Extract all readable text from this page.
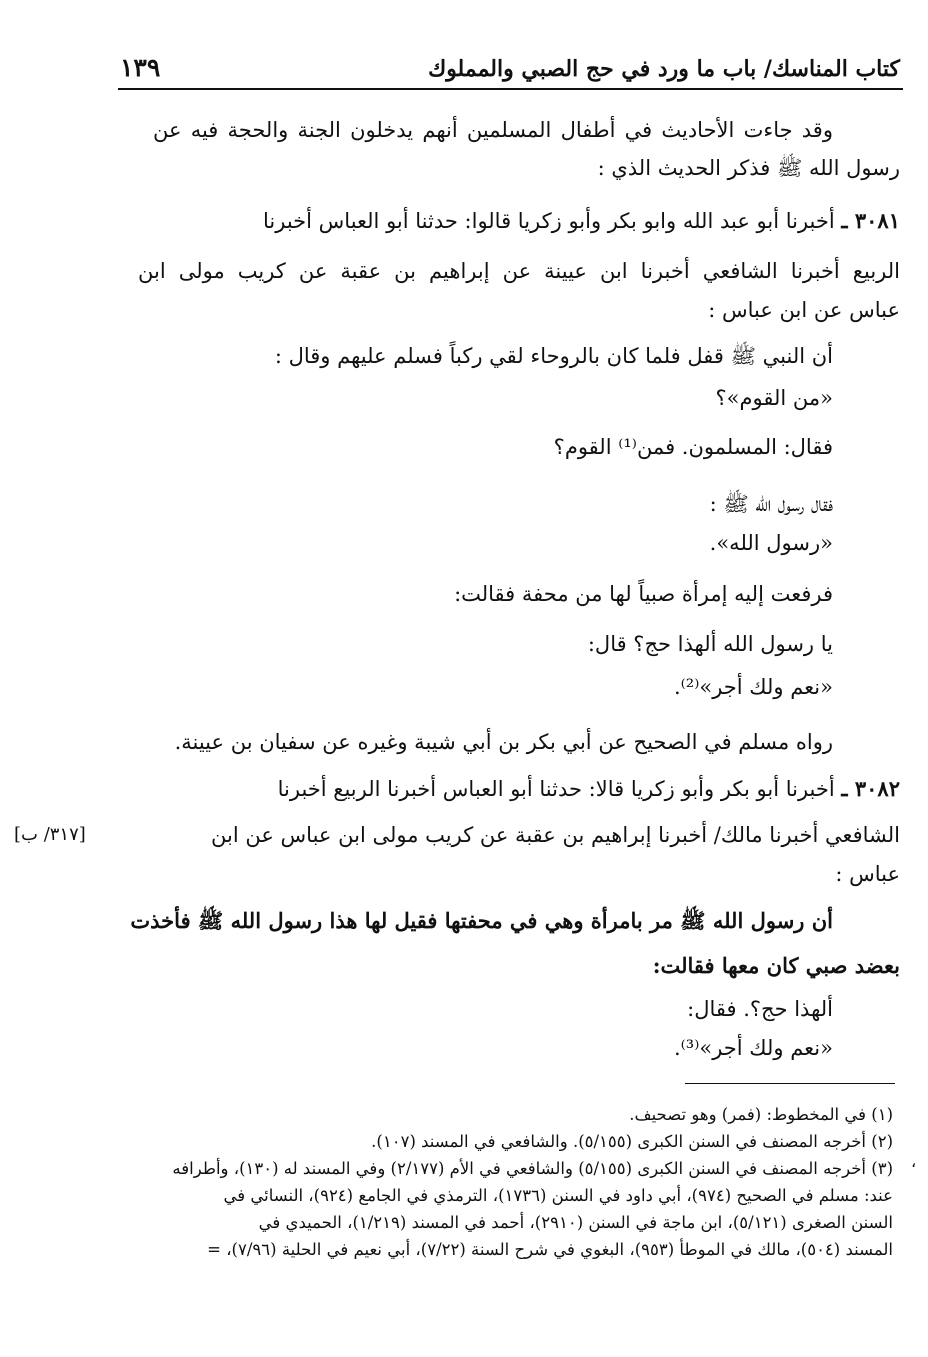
كتاب المناسك/ باب ما ورد في حج الصبي والمملوك
١٣٩
وقد جاءت الأحاديث في أطفال المسلمين أنهم يدخلون الجنة والحجة فيه عن
رسول الله ﷺ فذكر الحديث الذي :
٣٠٨١ ـ أخبرنا أبو عبد الله وابو بكر وأبو زكريا قالوا: حدثنا أبو العباس أخبرنا
الربيع أخبرنا الشافعي أخبرنا ابن عيينة عن إبراهيم بن عقبة عن كريب مولى ابن
عباس عن ابن عباس :
أن النبي ﷺ قفل فلما كان بالروحاء لقي ركباً فسلم عليهم وقال :
«من القوم»؟
فقال: المسلمون. فمن⁽¹⁾ القوم؟
فقال رسول الله ﷺ :
«رسول الله».
فرفعت إليه إمرأة صبياً لها من محفة فقالت:
يا رسول الله ألهذا حج؟ قال:
«نعم ولك أجر»⁽²⁾.
رواه مسلم في الصحيح عن أبي بكر بن أبي شيبة وغيره عن سفيان بن عيينة.
٣٠٨٢ ـ أخبرنا أبو بكر وأبو زكريا قالا: حدثنا أبو العباس أخبرنا الربيع أخبرنا
الشافعي أخبرنا مالك/ أخبرنا إبراهيم بن عقبة عن كريب مولى ابن عباس عن ابن
[٣١٧/ ب]
عباس :
أن رسول الله ﷺ مر بامرأة وهي في محفتها فقيل لها هذا رسول الله ﷺ فأخذت
بعضد صبي كان معها فقالت:
ألهذا حج؟. فقال:
«نعم ولك أجر»⁽³⁾.
(١) في المخطوط: (فمر) وهو تصحيف.
(٢) أخرجه المصنف في السنن الكبرى (٥/١٥٥). والشافعي في المسند (١٠٧).
(٣) أخرجه المصنف في السنن الكبرى (٥/١٥٥) والشافعي في الأم (٢/١٧٧) وفي المسند له (١٣٠)، وأطرافه
عند: مسلم في الصحيح (٩٧٤)، أبي داود في السنن (١٧٣٦)، الترمذي في الجامع (٩٢٤)، النسائي في
السنن الصغرى (٥/١٢١)، ابن ماجة في السنن (٢٩١٠)، أحمد في المسند (١/٢١٩)، الحميدي في
المسند (٥٠٤)، مالك في الموطأ (٩٥٣)، البغوي في شرح السنة (٧/٢٢)، أبي نعيم في الحلية (٧/٩٦)، =
،
